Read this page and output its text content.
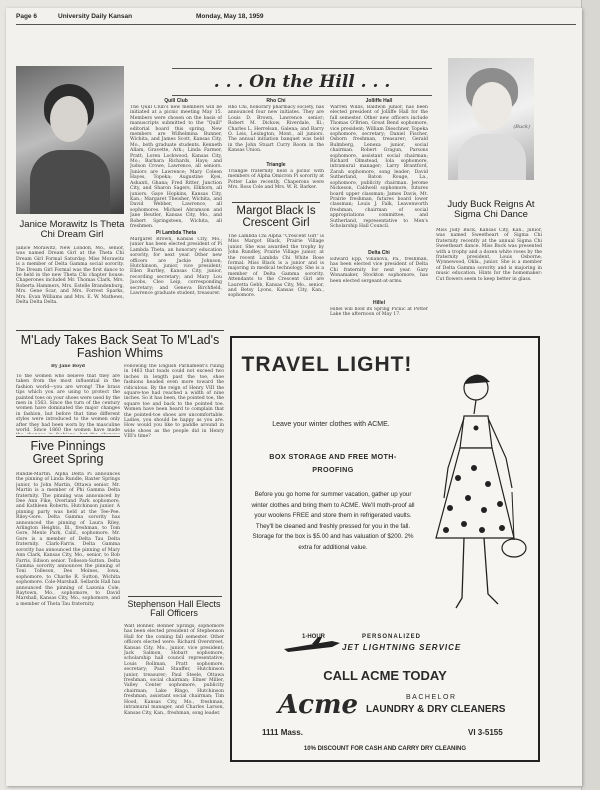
Page 6	University Daily Kansan	Monday, May 18, 1959
Janice Morawitz Is Theta Chi Dream Girl
Janice Morawitz, New London, Mo., senior, was named Dream Girl at the Theta Chi Dream Girl Formal Saturday. Miss Morawitz is a member of Delta Gamma social sorority. The Dream Girl Formal was the first dance to be held in the new Theta Chi chapter house. Chaperones included Mr. Thomas Clark, Mrs. Roberta Hammers, Mrs. Estelle Brandenburg, Mrs. Gene Scar, and Mrs. Forrest Sparks, Mrs. Evan Williams and Mrs. E. W. Mathews, Delta Delta Delta.
. . . On the Hill . . .
Quill Club
The Quill Club's new members will be initiated at a picnic meeting May 15. Members were chosen on the basis of manuscripts submitted to the "Quill" editorial board this spring. New members are Wilhelmina Bunner, Wichita, and James Scott, Kansas City, Mo., both graduate students. Kenneth Allam, Gravette, Ark.; Linda Farmer, Pratt; Loren Lockwood, Kansas City, Mo.; Barbara Richards, Hays; and Judson Crowe, Lawrence, all seniors. Juniors are Lawrence; Mary Coleen Hayes, Topeka; Augustine Kyei, Ashanti, Ghana; Fred Ritter, Junction City, and Sharon Sagers, Elkhorn, all juniors. Gaye Hopkins, Kansas City, Kan.; Margaret Theisher, Wichita, and David Webber, Lawrence, all sophomores. Michael Abramson and Jane Beutler, Kansas City, Mo., and Robert Springsteen, Wichita, all freshmen.
Pi Lambda Theta
Margaret Brown, Kansas City, Mo., junior has been elected president of Pi Lambda Theta, an honorary education sorority, for next year. Other new officers are Jackie Johnson, Hutchinson, junior, vice president; Ellen Burtley, Kansas City, junior, recording secretary; and Mary Lou Jacobs, Cleo Leip, corresponding secretary; and Geneva Birchfield, Lawrence graduate student, treasurer.
Rho Chi
Rho Chi, honorary pharmacy society, has announced four new initiates. They are Louis D. Brown, Lawrence senior; Robert M. Dickow, Riverdale, Ill.; Charles L. Herrelsan, Galena; and Barry O. Leis, Lexington, Mont., all juniors. The annual initiation banquet was held in the John Stuart Curry Room in the Kansas Union.
Triangle
Triangle fraternity held a picnic with members of Alpha Omicron Pi sorority at Potter Lake recently. Chaperons were Mrs. Ross Cole and Mrs. W. R. Barker.
Margot Black Is Crescent Girl
The Lambda Chi Alpha "Crescent Girl" is Miss Margot Black, Prairie Village junior. She was awarded the trophy by John Rundley, Prairie Village junior, at the recent Lambda Chi White Rose formal. Miss Black is a junior and is majoring in medical technology. She is a member of Delta Gamma sorority. Attendants to the Crescent Girl are Lauretta Gebb, Kansas City, Mo., senior, and Betsy Lyons, Kansas City, Kan., sophomore.
Jolliffe Hall
Warren Willis, Baldwin junior, has been elected president of Jolliffe Hall for the fall semester. Other new officers include Thomas O'Brien, Great Bend sophomore, vice president; William Dieschner, Topeka sophomore, secretary; Daniel Fischer, Osborn freshman, treasurer; Gerald Bulmberg, Lenexa junior, social chairman. Robert Gragun, Parsons sophomore, assistant social chairman; Richard Olmstead, Iola sophomore, intramural manager; Larry Brantford, Zarah sophomore, song leader; David Sutherland, Baton Rouge, La., sophomore, publicity chairman. Jerome Nickeson, Caldwell sophomore, futures board upper classman; James Davis, Mt. Prairie freshman, futures board lower classman; Louis J. Falk, Leavenworth freshman, chairman of social appropriations committee, and Sutherland, representative to Men's Scholarship Hall Council.
Delta Chi
Edward Epp, Villanova, Pa., freshman, has been elected vice president of Delta Chi fraternity for next year. Gary Wonamaker, Stockton sophomore, has been elected sergeant-at-arms.
Hillel
Hillel will hold its Spring Picnic at Potter Lake the afternoon of May 17.
(Buck)
Judy Buck Reigns At Sigma Chi Dance
Miss Judy Buck, Kansas City, Kan., junior, was named Sweetheart of Sigma Chi fraternity recently at the annual Sigma Chi Sweetheart dance. Miss Buck was presented with a trophy and a dozen white roses by the fraternity president, Louis Osborne, Wynnewood, Okla., junior. She is a member of Delta Gamma sorority and is majoring in music education. Hints for the homemaker: Cut flowers seem to keep better in glass.
M'Lady Takes Back Seat To M'Lad's Fashion Whims
By Jane Boyd
To the women who believe that they are taken from the most influential in the fashion world—you are wrong! The brass tips which you are using to protect the painted toes on your shoes were used by the men in 1563. Since the turn of the century women have dominated the major changes in fashion, but before that time different styles were introduced to the women only after they had been worn by the masculine world. Since 1860 the women have made
Five Pinnings Greet Spring
Rundle-Martin. Alpha Delta Pi announces the pinning of Linda Rundle, Baxter Springs junior, to John Martin, Ottawa senior. Mr. Martin is a member of Phi Gamma Delta fraternity. The pinning was announced by Dee Ann Fike, Overland Park sophomore, and Kathleen Roberts, Hutchinson junior. A pinning party was held at the Tee-Pee. Riley-Gore. Delta Gamma sorority has announced the pinning of Laura Riley, Arlington Heights, Ill., freshman, to Tom Gore, Menlo Park, Calif., sophomore. Mr. Gore is a member of Delta Tau Delta fraternity. Clark-Farris. Delta Gamma sorority has announced the pinning of Mary Ann Clark, Kansas City, Mo., senior, to Bob Farris, Edison senior. Tolleson-Sutton. Delta Gamma sorority announces the pinning of Toni Tolleson, Des Moines, Iowa, sophomore, to Charlie R. Sutton, Wichita sophomore. Cole-Marshall. Sellards Hall has announced the pinning of Lazonia Cole, Raytown, Mo., sophomore, to David Marshall, Kansas City, Mo., sophomore, and a member of Theta Tau fraternity.
Following the English Parliament's ruling in 1463 that toads could not exceed two inches in length past the toe, shoe fashions headed even more toward the ridiculous. By the reign of Henry VIII the square-toe had reached a width of nine inches. So it has been, the pointed toe, the square toe and back to the pointed toe. Women have been heard to complain that the pointed-toe shoes are uncomfortable. Ladies, you should be happy as you are. How would you like to paddle around in wide shoes as the people did in Henry VIII's time?
Stephenson Hall Elects Fall Officers
Walt Bonner, Bonner Springs, sophomore has been elected president of Stephenson Hall for the coming fall semester. Other officers elected were: Richard Overstreet, Kansas City, Mo., junior, vice president; Jack Salmon, Hobart sophomore, scholarship hall council representative; Louis Rollman, Pratt sophomore, secretary; Paul Stauffer, Hutchinson junior, treasurer; Paul Steele, Ottawa freshman, social chairman; Elmer Miller, Valley Center sophomore, publicity chairman; Lake Ringo, Hutchinson freshman, assistant social chairman; Tim Hood, Kansas City, Mo., freshman, intramural manager, and Charles Larson, Kansas City, Kan., freshman, song leader.
TRAVEL LIGHT!
Leave your winter clothes with ACME.
BOX STORAGE AND FREE MOTH-PROOFING
Before you go home for summer vacation, gather up your winter clothes and bring them to ACME. We'll moth-proof all your woolens FREE and store them in refrigerated vaults. They'll be cleaned and freshly pressed for you in the fall. Storage for the box is $5.00 and has valuation of $200. 2% extra for additional value.
1-HOUR	PERSONALIZED
JET LIGHTNING SERVICE
CALL ACME TODAY
Acme	BACHELOR
LAUNDRY & DRY CLEANERS
1111 Mass.	VI 3-5155
10% DISCOUNT FOR CASH AND CARRY DRY CLEANING
